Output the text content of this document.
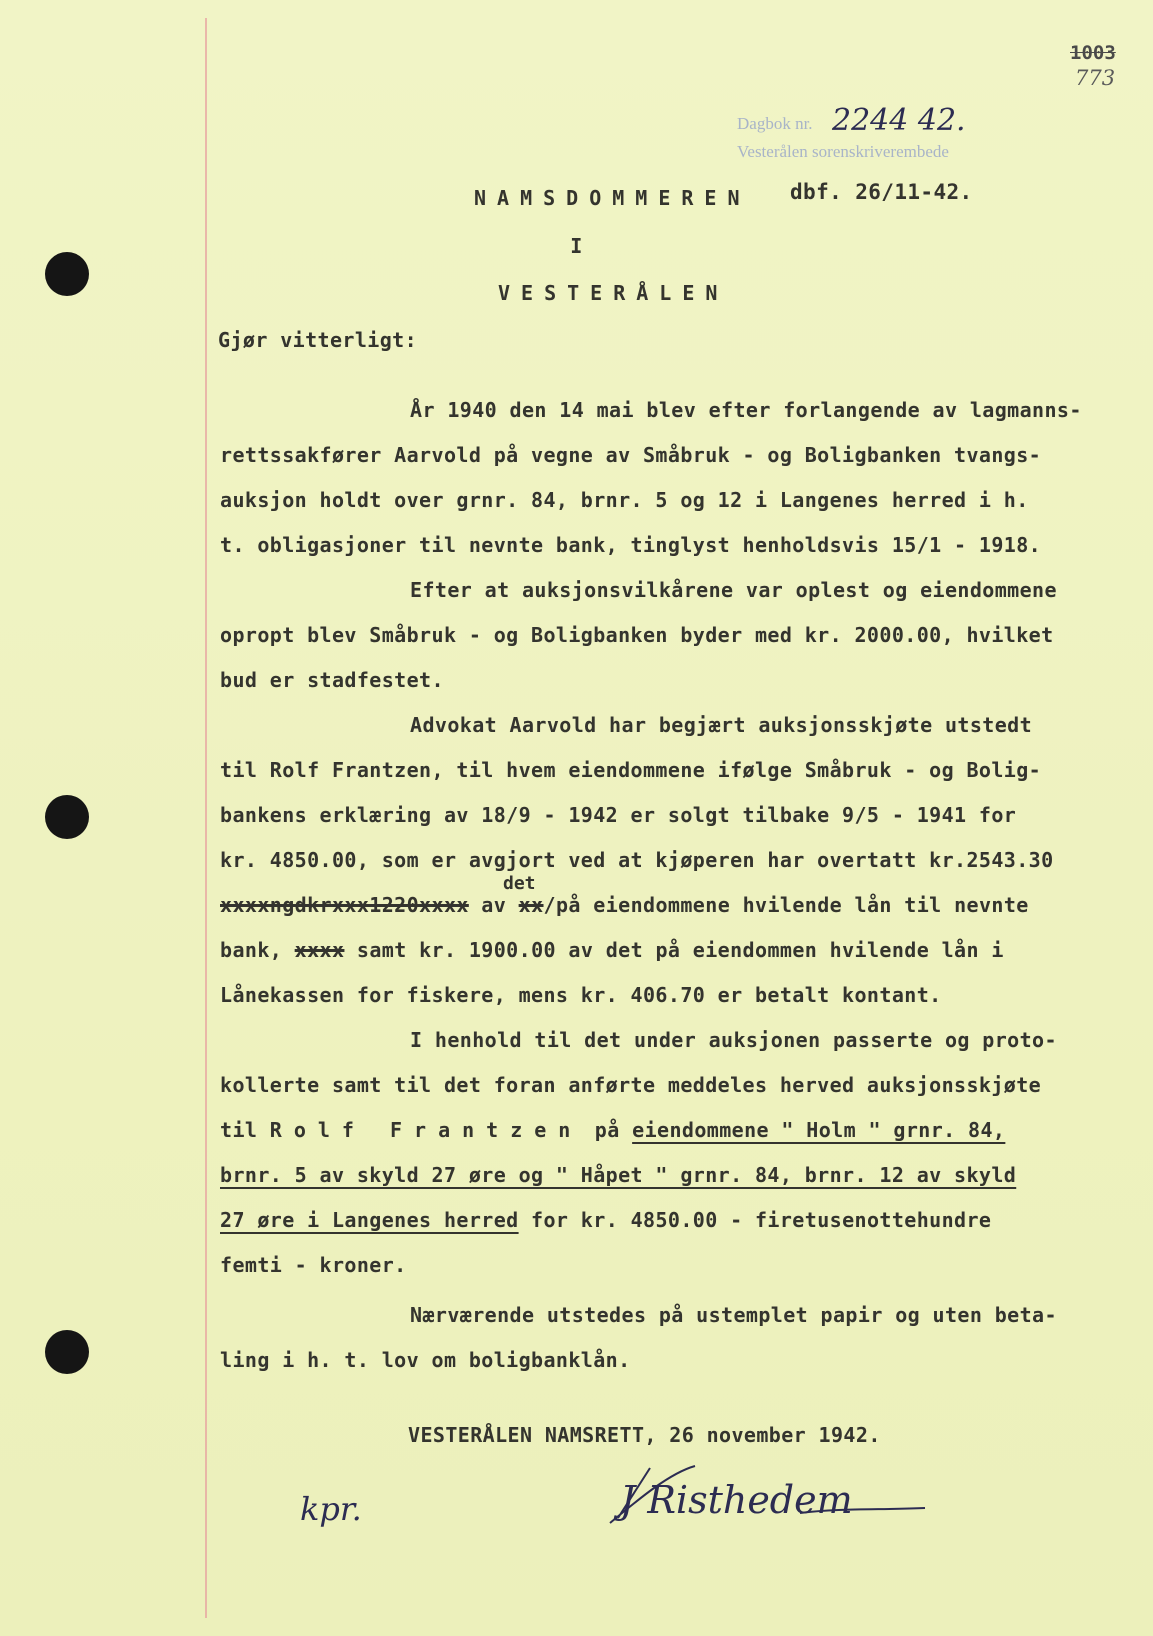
1003
773
Dagbok nr. 2244 42.
Vesterålen sorenskriverembede
NAMSDOMMEREN dbf. 26/11-42.
I
VESTERÅLEN
Gjør vitterligt:
År 1940 den 14 mai blev efter forlangende av lagmanns-
rettssakfører Aarvold på vegne av Småbruk - og Boligbanken tvangs-
auksjon holdt over grnr. 84, brnr. 5 og 12 i Langenes herred i h.
t. obligasjoner til nevnte bank, tinglyst henholdsvis 15/1 - 1918.
Efter at auksjonsvilkårene var oplest og eiendommene
opropt blev Småbruk - og Boligbanken byder med kr. 2000.00, hvilket
bud er stadfestet.
Advokat Aarvold har begjært auksjonsskjøte utstedt
til Rolf Frantzen, til hvem eiendommene ifølge Småbruk - og Bolig-
bankens erklæring av 18/9 - 1942 er solgt tilbake 9/5 - 1941 for
kr. 4850.00, som er avgjort ved at kjøperen har overtatt kr.2543.30
det
xxxxngdkrxxx1220xxxx av xx/på eiendommene hvilende lån til nevnte
bank, xxxx samt kr. 1900.00 av det på eiendommen hvilende lån i
Lånekassen for fiskere, mens kr. 406.70 er betalt kontant.
I henhold til det under auksjonen passerte og proto-
kollerte samt til det foran anførte meddeles herved auksjonsskjøte
til Rolf Frantzen på eiendommene " Holm " grnr. 84,
brnr. 5 av skyld 27 øre og " Håpet " grnr. 84, brnr. 12 av skyld
27 øre i Langenes herred for kr. 4850.00 - firetusenottehundre
femti - kroner.
Nærværende utstedes på ustemplet papir og uten beta-
ling i h. t. lov om boligbanklån.
VESTERÅLEN NAMSRETT, 26 november 1942.
kpr.	J Risthedem
